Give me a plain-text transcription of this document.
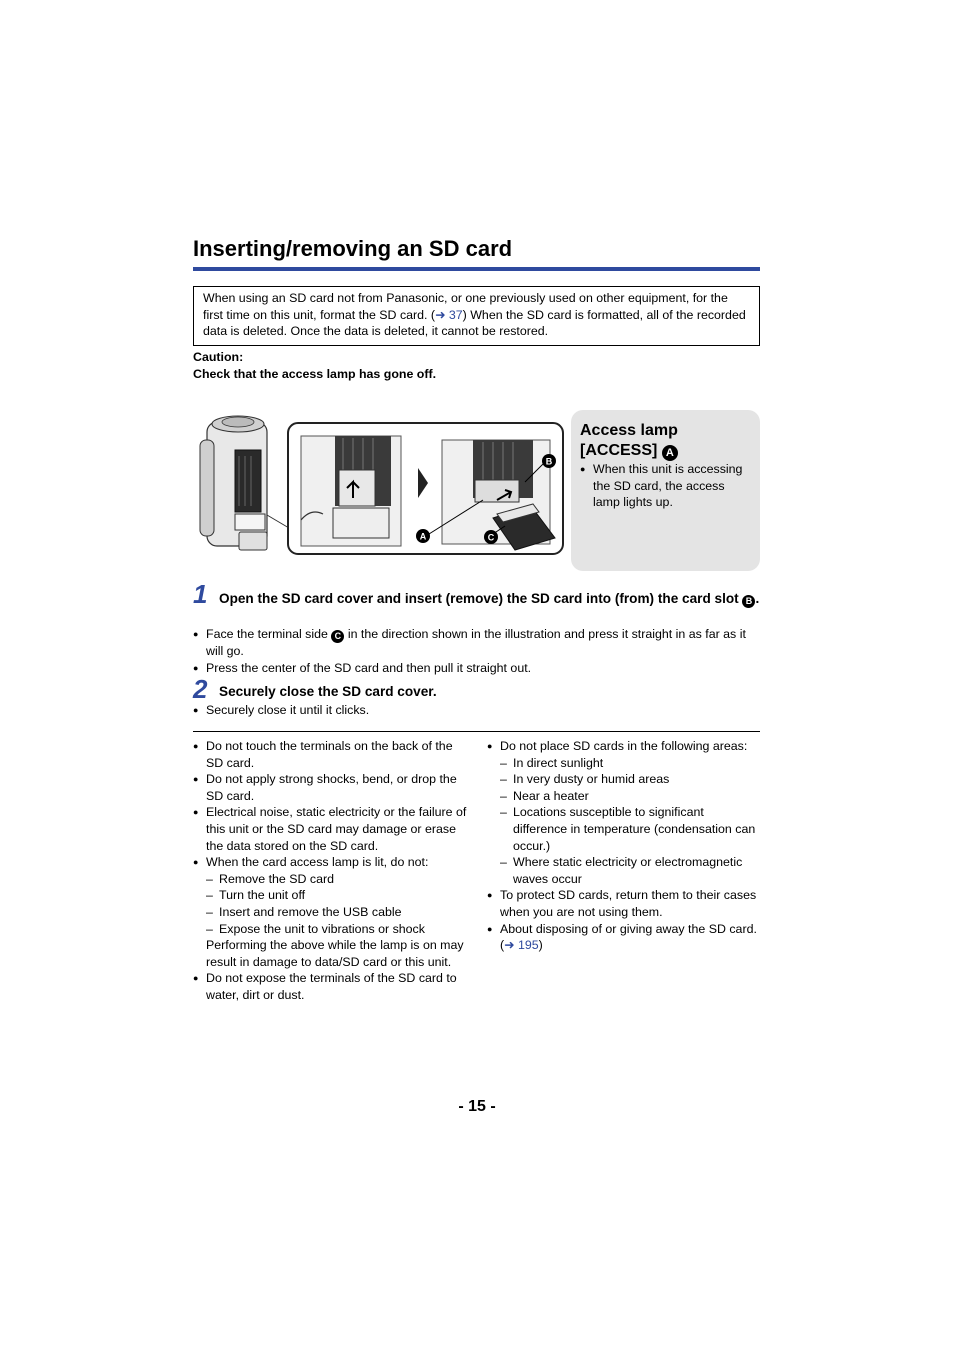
Inserting/removing an SD card
When using an SD card not from Panasonic, or one previously used on other equipment, for the first time on this unit, format the SD card. (➜ 37) When the SD card is formatted, all of the recorded data is deleted. Once the data is deleted, it cannot be restored.
Caution:
Check that the access lamp has gone off.
A
B
C
Access lamp [ACCESS] A
● When this unit is accessing the SD card, the access lamp lights up.
1 Open the SD card cover and insert (remove) the SD card into (from) the card slot B .
● Face the terminal side C in the direction shown in the illustration and press it straight in as far as it will go.
● Press the center of the SD card and then pull it straight out.
2 Securely close the SD card cover.
● Securely close it until it clicks.
● Do not touch the terminals on the back of the SD card.
● Do not apply strong shocks, bend, or drop the SD card.
● Electrical noise, static electricity or the failure of this unit or the SD card may damage or erase the data stored on the SD card.
● When the card access lamp is lit, do not:
– Remove the SD card
– Turn the unit off
– Insert and remove the USB cable
– Expose the unit to vibrations or shock
Performing the above while the lamp is on may result in damage to data/SD card or this unit.
● Do not expose the terminals of the SD card to water, dirt or dust.
● Do not place SD cards in the following areas:
– In direct sunlight
– In very dusty or humid areas
– Near a heater
– Locations susceptible to significant difference in temperature (condensation can occur.)
– Where static electricity or electromagnetic waves occur
● To protect SD cards, return them to their cases when you are not using them.
● About disposing of or giving away the SD card. (➜ 195)
- 15 -
